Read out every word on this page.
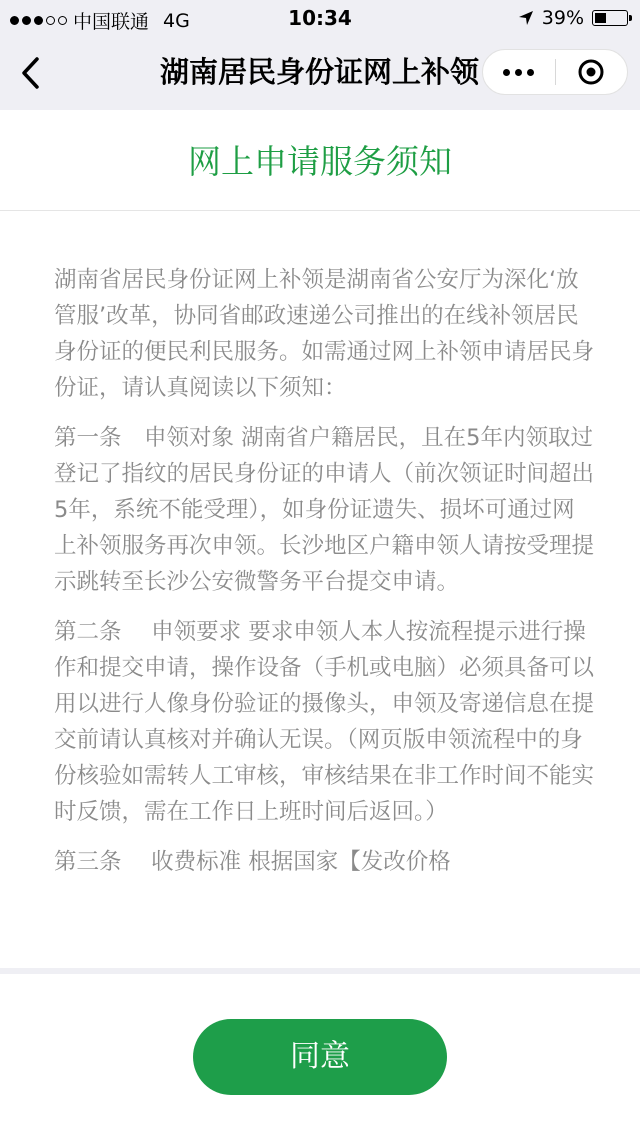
中国联通 4G	10:34	39%
湖南居民身份证网上补领
网上申请服务须知

湖南省居民身份证网上补领是湖南省公安厅为深化‘放管服’改革，协同省邮政速递公司推出的在线补领居民身份证的便民利民服务。如需通过网上补领申请居民身份证，请认真阅读以下须知：

第一条　申领对象 湖南省户籍居民，且在5年内领取过登记了指纹的居民身份证的申请人（前次领证时间超出5年，系统不能受理），如身份证遗失、损坏可通过网上补领服务再次申领。长沙地区户籍申领人请按受理提示跳转至长沙公安微警务平台提交申请。

第二条　 申领要求 要求申领人本人按流程提示进行操作和提交申请，操作设备（手机或电脑）必须具备可以用以进行人像身份验证的摄像头，申领及寄递信息在提交前请认真核对并确认无误。（网页版申领流程中的身份核验如需转人工审核，审核结果在非工作时间不能实时反馈，需在工作日上班时间后返回。）

第三条　 收费标准 根据国家【发改价格

同意
